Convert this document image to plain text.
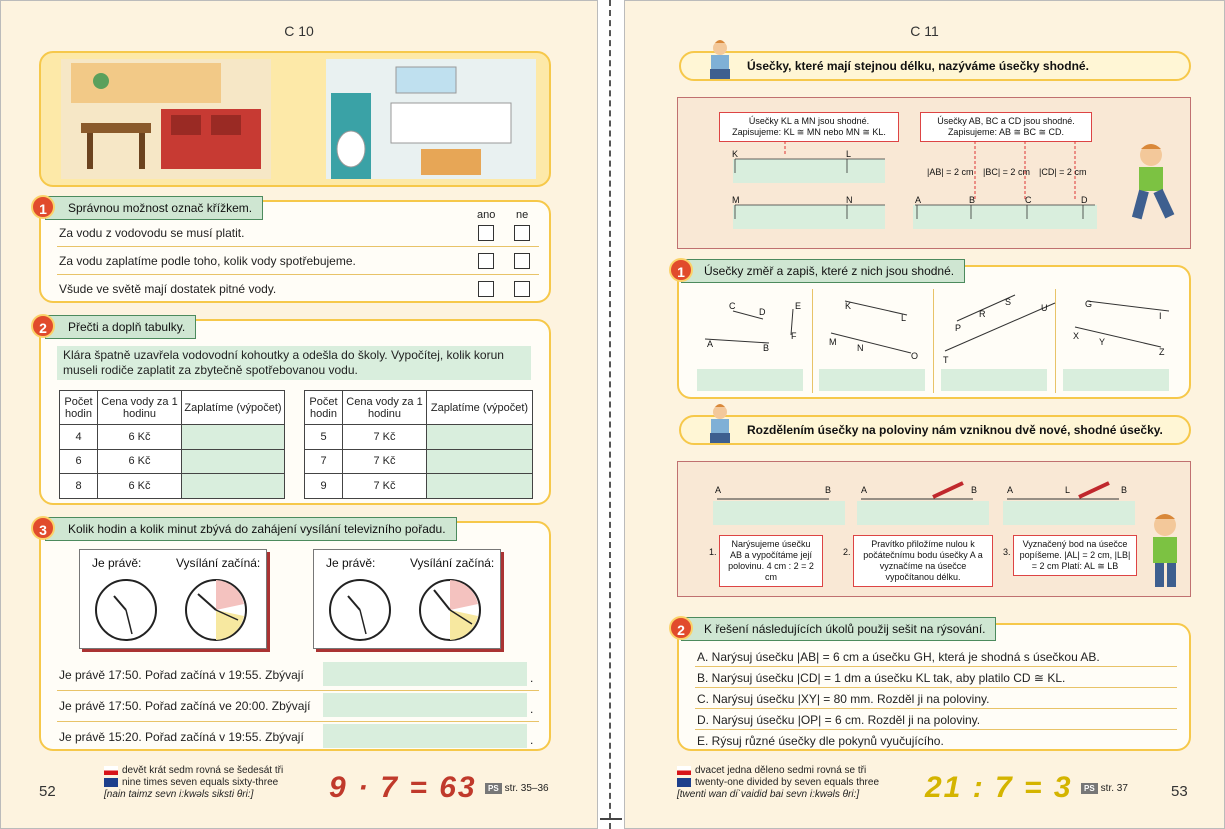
C 10
Správnou možnost označ křížkem.
1	ano ne
Za vodu z vodovodu se musí platit.
Za vodu zaplatíme podle toho, kolik vody spotřebujeme.
Všude ve světě mají dostatek pitné vody.
Přečti a doplň tabulky.
2
Klára špatně uzavřela vodovodní kohoutky a odešla do školy. Vypočítej, kolik korun museli rodiče zaplatit za zbytečně spotřebovanou vodu.
Počet hodin	Cena vody za 1 hodinu	Zaplatíme (výpočet)
4	6 Kč	
6	6 Kč	
8	6 Kč	
Počet hodin	Cena vody za 1 hodinu	Zaplatíme (výpočet)
5	7 Kč	
7	7 Kč	
9	7 Kč	
Kolik hodin a kolik minut zbývá do zahájení vysílání televizního pořadu.
3
Je právě:	Vysílání začíná:	Je právě:	Vysílání začíná:
Je právě 17:50. Pořad začíná v 19:55. Zbývají	.
Je právě 17:50. Pořad začíná ve 20:00. Zbývají	.
Je právě 15:20. Pořad začíná v 19:55. Zbývají	.
52
devět krát sedm rovná se šedesát tři
nine times seven equals sixty-three
[nain taimz sevn i:kwəls siksti θri:]	9 · 7 = 63	PS str. 35–36
C 11
Úsečky, které mají stejnou délku, nazýváme úsečky shodné.
Úsečky KL a MN jsou shodné. Zapisujeme: KL ≅ MN nebo MN ≅ KL.
Úsečky AB, BC a CD jsou shodné. Zapisujeme: AB ≅ BC ≅ CD.
K	L
M	N	A	B	C	D
|AB| = 2 cm |BC| = 2 cm |CD| = 2 cm
Úsečky změř a zapiš, které z nich jsou shodné.
1
A	B
C
D
E
F
K
L
M
N
O
P
R
S
T
U	G
I
X
Y
Z
Rozdělením úsečky na poloviny nám vzniknou dvě nové, shodné úsečky.
A	B	A	B	A	L	B
1.
Narýsujeme úsečku AB a vypočítáme její polovinu. 4 cm : 2 = 2 cm
2.
Pravítko přiložíme nulou k počátečnímu bodu úsečky A a vyznačíme na úsečce vypočítanou délku.
3.
Vyznačený bod na úsečce popíšeme. |AL| = 2 cm, |LB| = 2 cm Platí: AL ≅ LB
K řešení následujících úkolů použij sešit na rýsování.
2
A. Narýsuj úsečku |AB| = 6 cm a úsečku GH, která je shodná s úsečkou AB.
B. Narýsuj úsečku |CD| = 1 dm a úsečku KL tak, aby platilo CD ≅ KL.
C. Narýsuj úsečku |XY| = 80 mm. Rozděl ji na poloviny.
D. Narýsuj úsečku |OP| = 6 cm. Rozděl ji na poloviny.
E. Rýsuj různé úsečky dle pokynů vyučujícího.
dvacet jedna děleno sedmi rovná se tři
twenty-one divided by seven equals three
[twenti wan di`vaidid bai sevn i:kwəls θri:]	21 : 7 = 3	PS str. 37	53
